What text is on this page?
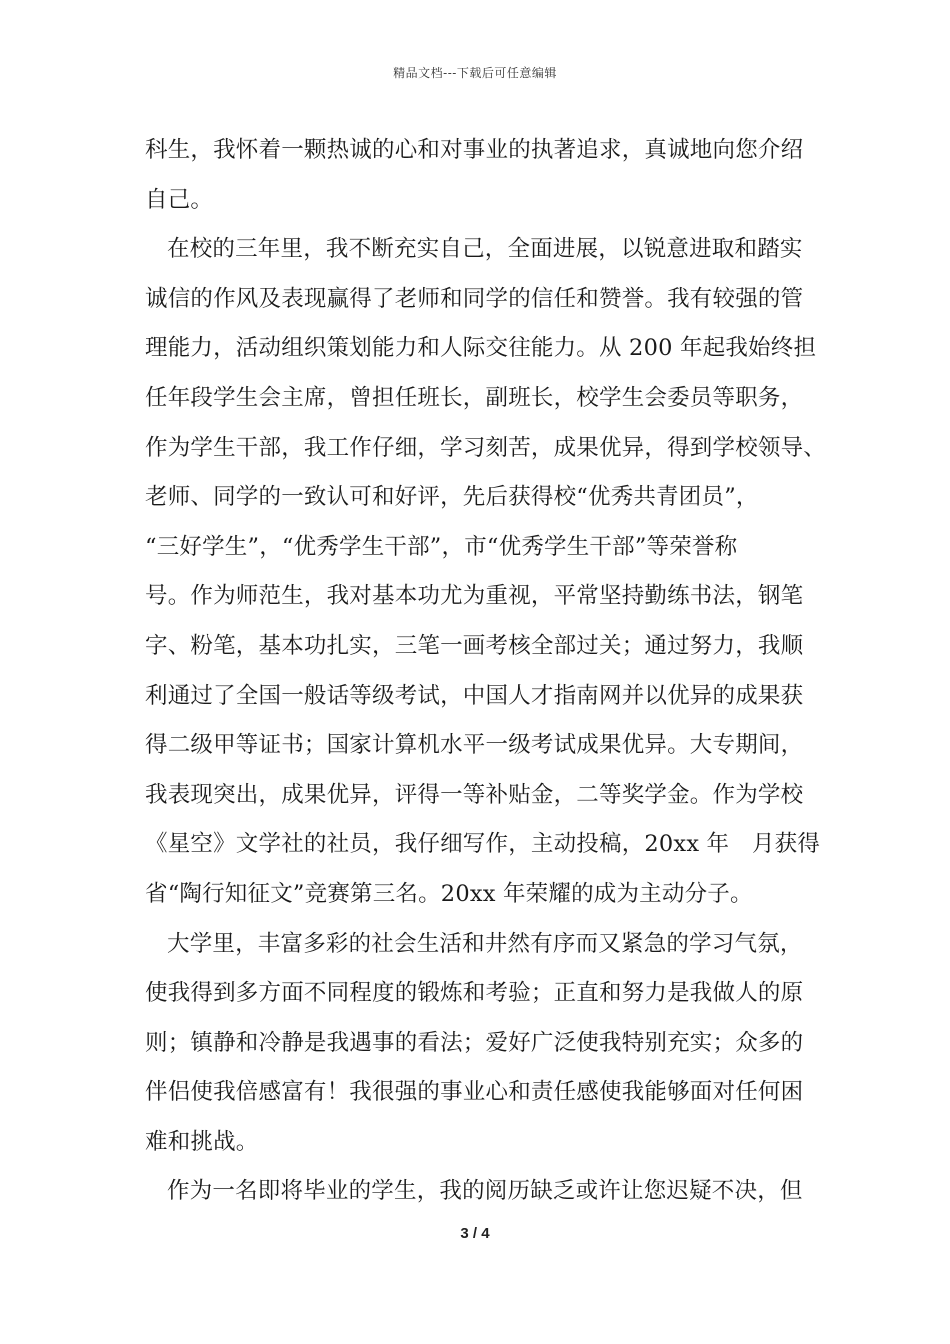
精品文档---下载后可任意编辑
科生，我怀着一颗热诚的心和对事业的执著追求，真诚地向您介绍
自己。
在校的三年里，我不断充实自己，全面进展，以锐意进取和踏实
诚信的作风及表现赢得了老师和同学的信任和赞誉。我有较强的管
理能力，活动组织策划能力和人际交往能力。从 200 年起我始终担
任年段学生会主席，曾担任班长，副班长，校学生会委员等职务，
作为学生干部，我工作仔细，学习刻苦，成果优异，得到学校领导、
老师、同学的一致认可和好评，先后获得校“优秀共青团员”，
“三好学生”，“优秀学生干部”，市“优秀学生干部”等荣誉称
号。作为师范生，我对基本功尤为重视，平常坚持勤练书法，钢笔
字、粉笔，基本功扎实，三笔一画考核全部过关；通过努力，我顺
利通过了全国一般话等级考试，中国人才指南网并以优异的成果获
得二级甲等证书；国家计算机水平一级考试成果优异。大专期间，
我表现突出，成果优异，评得一等补贴金，二等奖学金。作为学校
《星空》文学社的社员，我仔细写作，主动投稿，20xx 年　月获得
省“陶行知征文”竞赛第三名。20xx 年荣耀的成为主动分子。
大学里，丰富多彩的社会生活和井然有序而又紧急的学习气氛，
使我得到多方面不同程度的锻炼和考验；正直和努力是我做人的原
则；镇静和冷静是我遇事的看法；爱好广泛使我特别充实；众多的
伴侣使我倍感富有！我很强的事业心和责任感使我能够面对任何困
难和挑战。
作为一名即将毕业的学生，我的阅历缺乏或许让您迟疑不决，但
3 / 4
